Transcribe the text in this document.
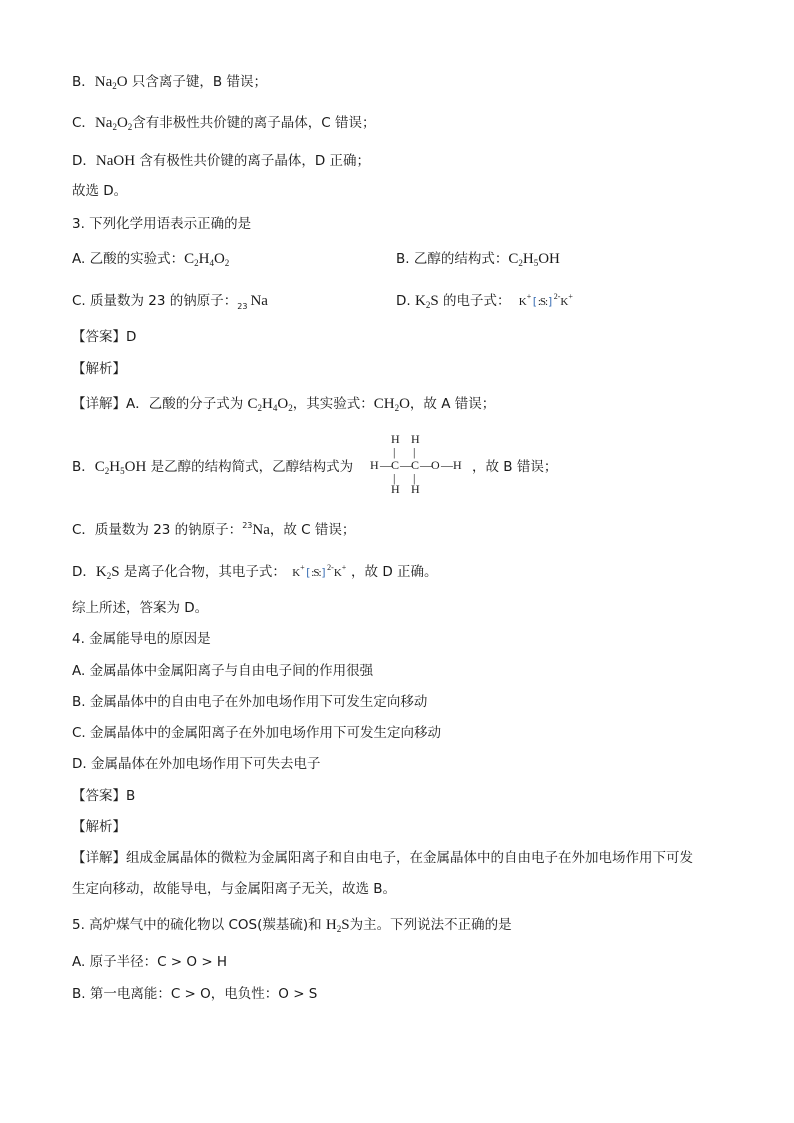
B．$Na_2O$ 只含离子键，B 错误；
C．$Na_2O_2$含有非极性共价键的离子晶体，C 错误；
D．NaOH 含有极性共价键的离子晶体，D 正确；
故选 D。
3. 下列化学用语表示正确的是
A. 乙酸的实验式：$C_2H_4O_2$	B. 乙醇的结构式：$C_2H_5OH$
C. 质量数为 23 的钠原子：$_{23}$ Na	D. $K_2S$ 的电子式： K+[:S:]$^{2-}$K+
【答案】D
【解析】
【详解】A．乙酸的分子式为 $C_2H_4O_2$，其实验式：$CH_2O$，故 A 错误；
B．$C_2H_5OH$ 是乙醇的结构简式，乙醇结构式为
H H
| |
H — C — C — O — H
| |
H H
，故 B 错误；
C．质量数为 23 的钠原子：$^{23}$Na，故 C 错误；
D．$K_2S$ 是离子化合物，其电子式： K+[:S:]$^{2-}$K+ ，故 D 正确。
综上所述，答案为 D。
4. 金属能导电的原因是
A. 金属晶体中金属阳离子与自由电子间的作用很强
B. 金属晶体中的自由电子在外加电场作用下可发生定向移动
C. 金属晶体中的金属阳离子在外加电场作用下可发生定向移动
D. 金属晶体在外加电场作用下可失去电子
【答案】B
【解析】
【详解】组成金属晶体的微粒为金属阳离子和自由电子，在金属晶体中的自由电子在外加电场作用下可发
生定向移动，故能导电，与金属阳离子无关，故选 B。
5. 高炉煤气中的硫化物以 COS(羰基硫)和 $H_2S$为主。下列说法不正确的是
A. 原子半径：C > O > H
B. 第一电离能：C > O，电负性：O > S
